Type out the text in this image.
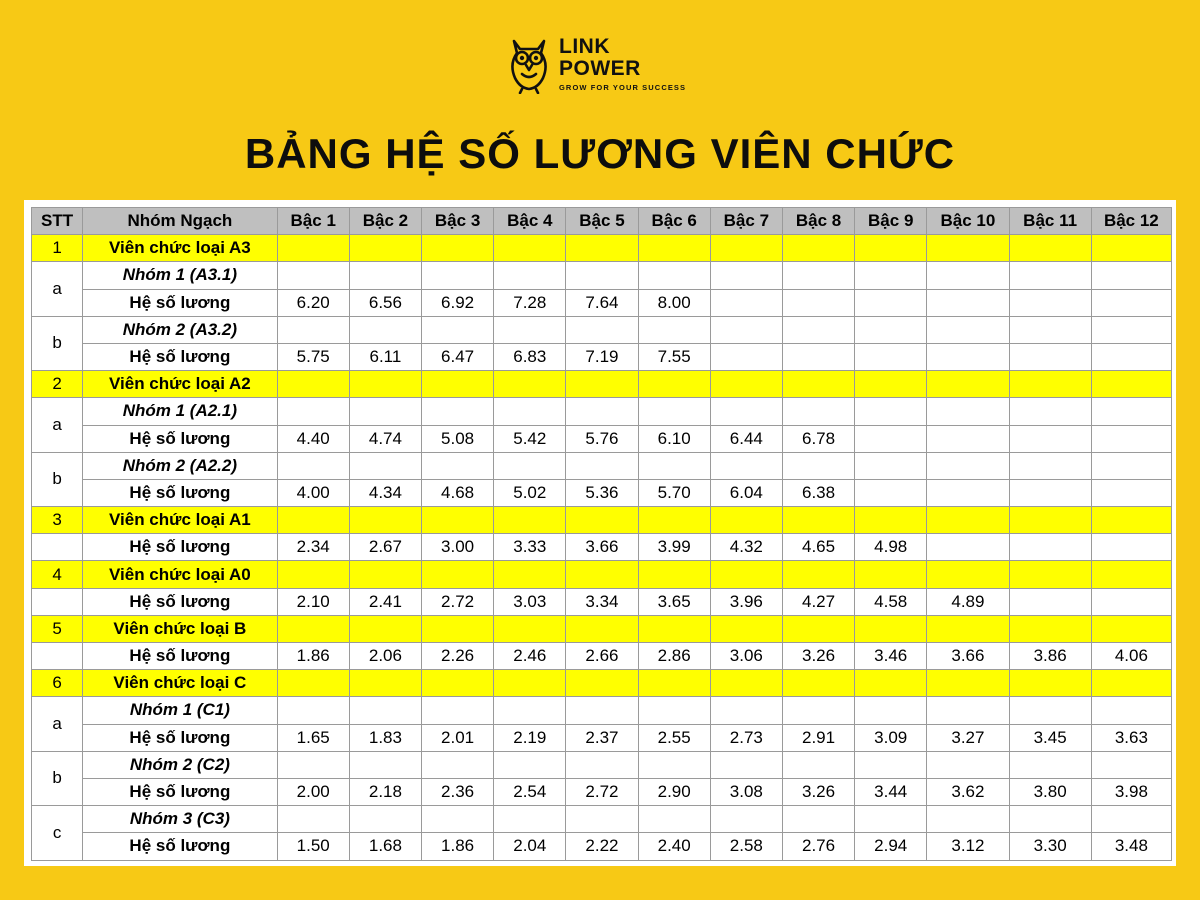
LINK
POWER
GROW FOR YOUR SUCCESS
BẢNG HỆ SỐ LƯƠNG VIÊN CHỨC
STT	Nhóm Ngạch	Bậc 1	Bậc 2	Bậc 3	Bậc 4	Bậc 5	Bậc 6	Bậc 7	Bậc 8	Bậc 9	Bậc 10	Bậc 11	Bậc 12
1	Viên chức loại A3												
a	Nhóm 1 (A3.1)												
	Hệ số lương	6.20	6.56	6.92	7.28	7.64	8.00						
b	Nhóm 2 (A3.2)												
	Hệ số lương	5.75	6.11	6.47	6.83	7.19	7.55						
2	Viên chức loại A2												
a	Nhóm 1 (A2.1)												
	Hệ số lương	4.40	4.74	5.08	5.42	5.76	6.10	6.44	6.78				
b	Nhóm 2 (A2.2)												
	Hệ số lương	4.00	4.34	4.68	5.02	5.36	5.70	6.04	6.38				
3	Viên chức loại A1												
	Hệ số lương	2.34	2.67	3.00	3.33	3.66	3.99	4.32	4.65	4.98			
4	Viên chức loại A0												
	Hệ số lương	2.10	2.41	2.72	3.03	3.34	3.65	3.96	4.27	4.58	4.89		
5	Viên chức loại B												
	Hệ số lương	1.86	2.06	2.26	2.46	2.66	2.86	3.06	3.26	3.46	3.66	3.86	4.06
6	Viên chức loại C												
a	Nhóm 1 (C1)												
	Hệ số lương	1.65	1.83	2.01	2.19	2.37	2.55	2.73	2.91	3.09	3.27	3.45	3.63
b	Nhóm 2 (C2)												
	Hệ số lương	2.00	2.18	2.36	2.54	2.72	2.90	3.08	3.26	3.44	3.62	3.80	3.98
c	Nhóm 3 (C3)												
	Hệ số lương	1.50	1.68	1.86	2.04	2.22	2.40	2.58	2.76	2.94	3.12	3.30	3.48
